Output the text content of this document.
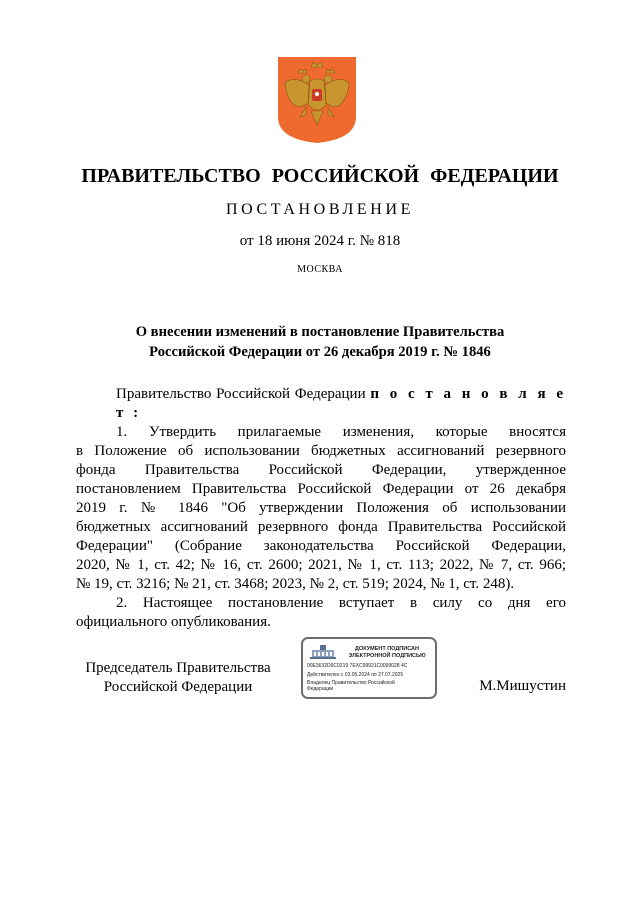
ПРАВИТЕЛЬСТВО РОССИЙСКОЙ ФЕДЕРАЦИИ
ПОСТАНОВЛЕНИЕ
от 18 июня 2024 г. № 818
МОСКВА
О внесении изменений в постановление Правительства
Российской Федерации от 26 декабря 2019 г. № 1846

Правительство Российской Федерации п о с т а н о в л я е т :

1. Утвердить прилагаемые изменения, которые вносятся

в Положение об использовании бюджетных ассигнований резервного

фонда Правительства Российской Федерации, утвержденное

постановлением Правительства Российской Федерации от 26 декабря

2019 г. № 1846 "Об утверждении Положения об использовании

бюджетных ассигнований резервного фонда Правительства Российской

Федерации" (Собрание законодательства Российской Федерации,

2020, № 1, ст. 42; № 16, ст. 2600; 2021, № 1, ст. 113; 2022, № 7, ст. 966;

№ 19, ст. 3216; № 21, ст. 3468; 2023, № 2, ст. 519; 2024, № 1, ст. 248).

2. Настоящее постановление вступает в силу со дня его

официального опубликования.

Председатель Правительства
Российской Федерации
ДОКУМЕНТ ПОДПИСАН
ЭЛЕКТРОННОЙ ПОДПИСЬЮ
00E3632D6C0219 7EXC99921C0099028 4C
Действителен с 03.05.2024 по 27.07.2025
Владелец Правительство Российской
Федерации	М.Мишустин
